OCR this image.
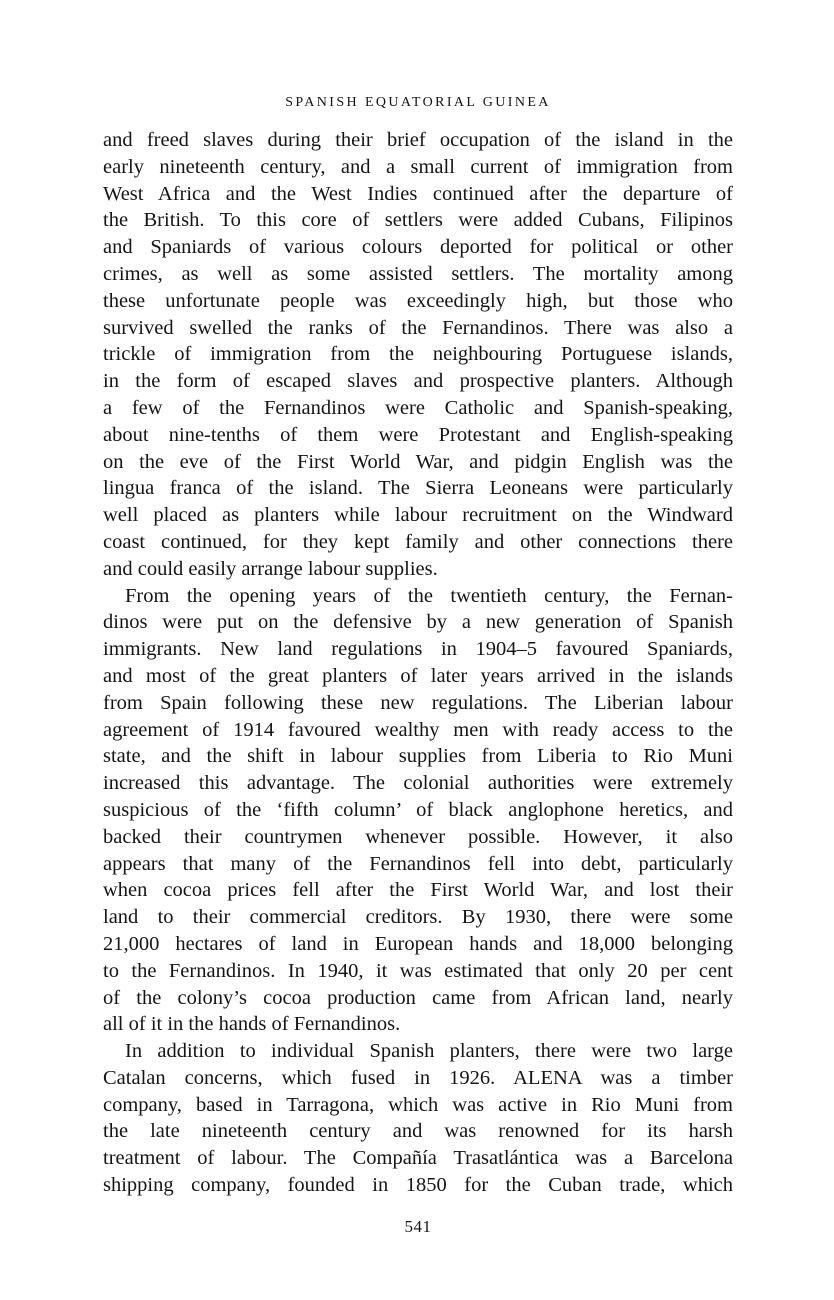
SPANISH EQUATORIAL GUINEA
and freed slaves during their brief occupation of the island in the
early nineteenth century, and a small current of immigration from
West Africa and the West Indies continued after the departure of
the British. To this core of settlers were added Cubans, Filipinos
and Spaniards of various colours deported for political or other
crimes, as well as some assisted settlers. The mortality among
these unfortunate people was exceedingly high, but those who
survived swelled the ranks of the Fernandinos. There was also a
trickle of immigration from the neighbouring Portuguese islands,
in the form of escaped slaves and prospective planters. Although
a few of the Fernandinos were Catholic and Spanish-speaking,
about nine-tenths of them were Protestant and English-speaking
on the eve of the First World War, and pidgin English was the
lingua franca of the island. The Sierra Leoneans were particularly
well placed as planters while labour recruitment on the Windward
coast continued, for they kept family and other connections there
and could easily arrange labour supplies.
From the opening years of the twentieth century, the Fernan-
dinos were put on the defensive by a new generation of Spanish
immigrants. New land regulations in 1904–5 favoured Spaniards,
and most of the great planters of later years arrived in the islands
from Spain following these new regulations. The Liberian labour
agreement of 1914 favoured wealthy men with ready access to the
state, and the shift in labour supplies from Liberia to Rio Muni
increased this advantage. The colonial authorities were extremely
suspicious of the ‘fifth column’ of black anglophone heretics, and
backed their countrymen whenever possible. However, it also
appears that many of the Fernandinos fell into debt, particularly
when cocoa prices fell after the First World War, and lost their
land to their commercial creditors. By 1930, there were some
21,000 hectares of land in European hands and 18,000 belonging
to the Fernandinos. In 1940, it was estimated that only 20 per cent
of the colony’s cocoa production came from African land, nearly
all of it in the hands of Fernandinos.
In addition to individual Spanish planters, there were two large
Catalan concerns, which fused in 1926. ALENA was a timber
company, based in Tarragona, which was active in Rio Muni from
the late nineteenth century and was renowned for its harsh
treatment of labour. The Compañía Trasatlántica was a Barcelona
shipping company, founded in 1850 for the Cuban trade, which
541
